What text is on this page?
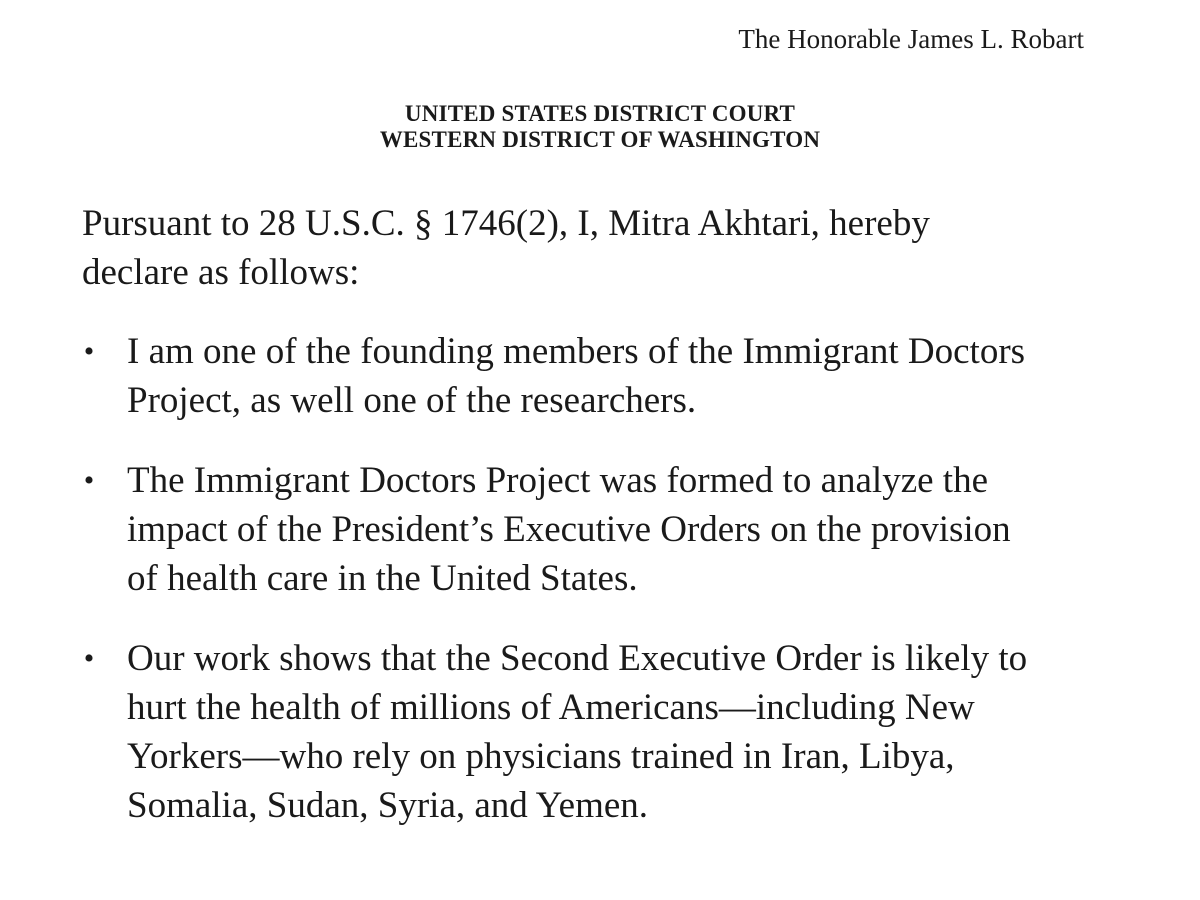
The Honorable James L. Robart
UNITED STATES DISTRICT COURT
WESTERN DISTRICT OF WASHINGTON
Pursuant to 28 U.S.C. § 1746(2), I, Mitra Akhtari, hereby
declare as follows:
• I am one of the founding members of the Immigrant Doctors
Project, as well one of the researchers.
• The Immigrant Doctors Project was formed to analyze the
impact of the President’s Executive Orders on the provision
of health care in the United States.
• Our work shows that the Second Executive Order is likely to
hurt the health of millions of Americans—including New
Yorkers—who rely on physicians trained in Iran, Libya,
Somalia, Sudan, Syria, and Yemen.
